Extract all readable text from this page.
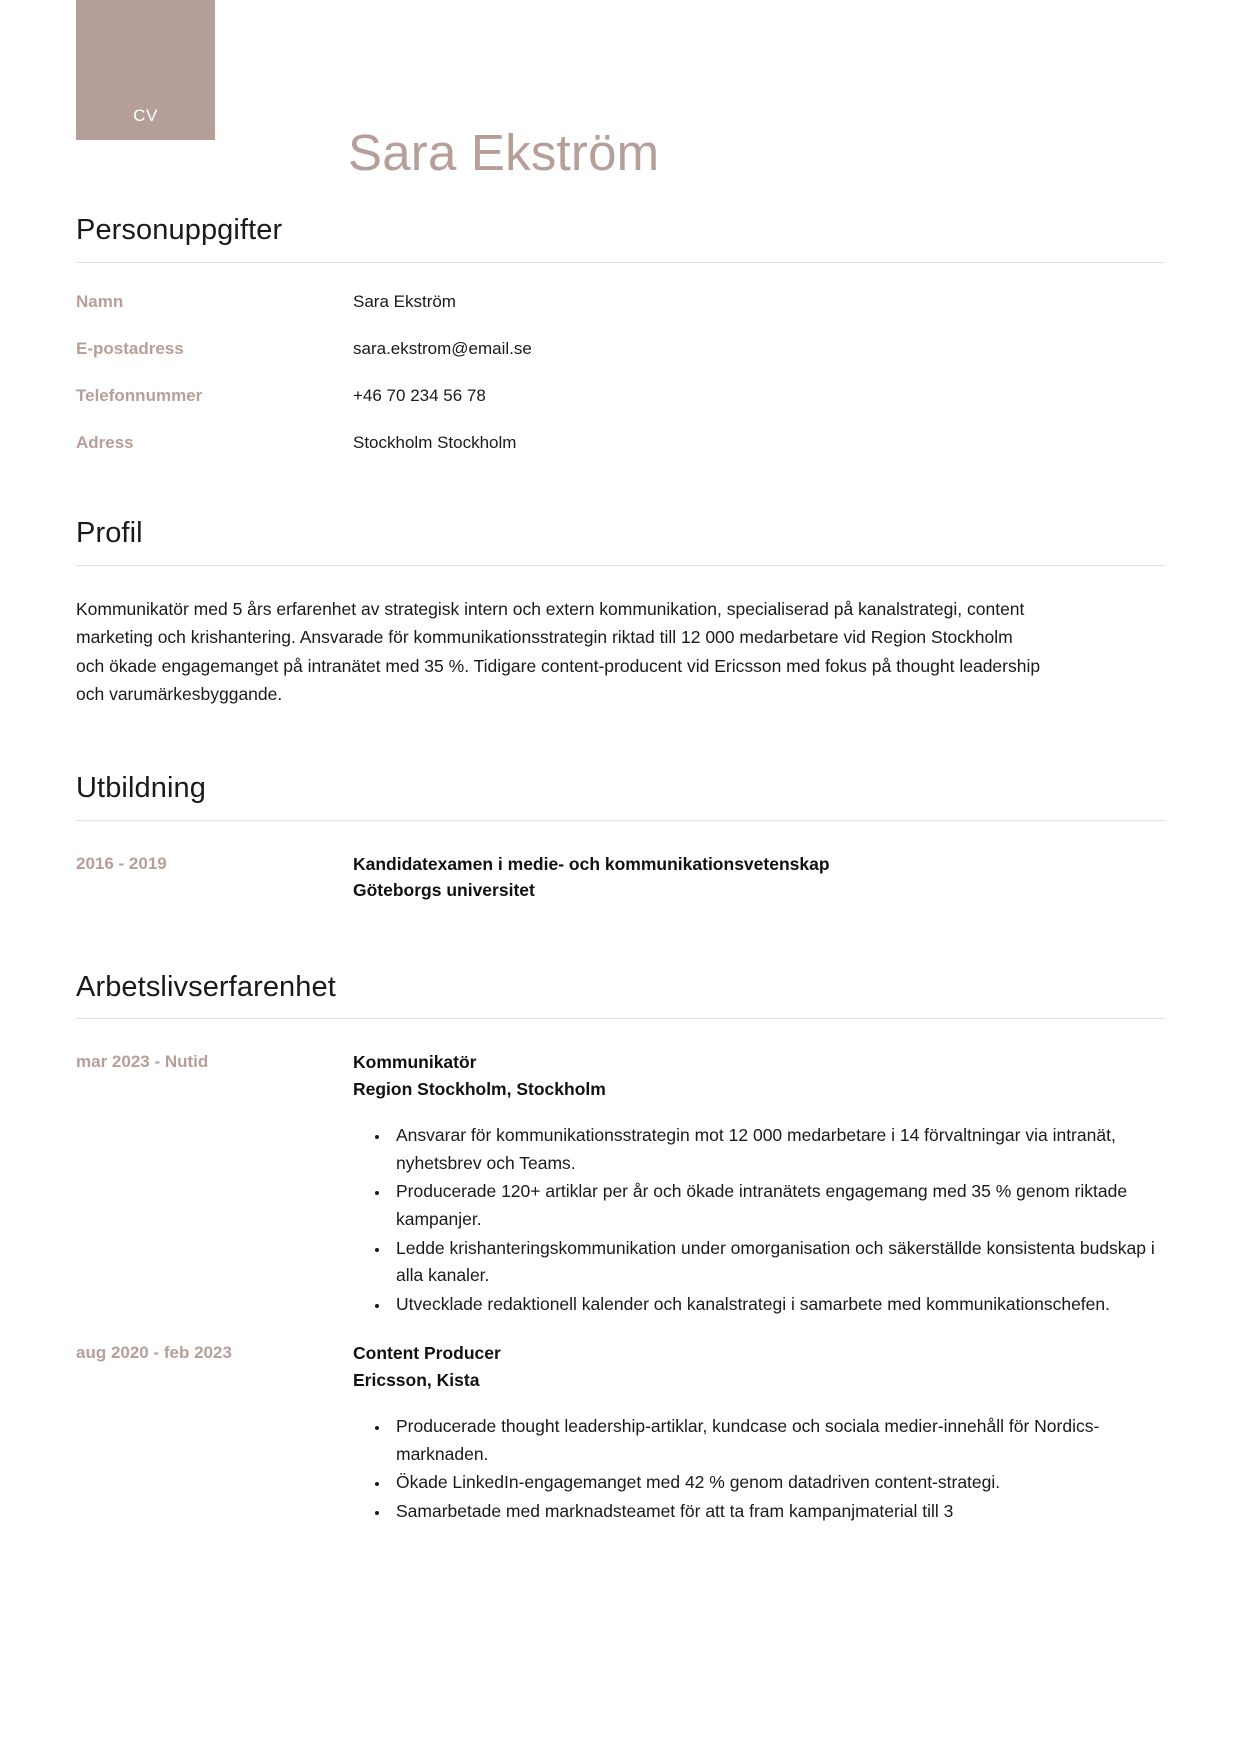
CV
Sara Ekström
Personuppgifter
Namn	Sara Ekström
E-postadress	sara.ekstrom@email.se
Telefonnummer	+46 70 234 56 78
Adress	Stockholm Stockholm
Profil

Kommunikatör med 5 års erfarenhet av strategisk intern och extern kommunikation, specialiserad på kanalstrategi, content marketing och krishantering. Ansvarade för kommunikationsstrategin riktad till 12 000 medarbetare vid Region Stockholm och ökade engagemanget på intranätet med 35 %. Tidigare content-producent vid Ericsson med fokus på thought leadership och varumärkesbyggande.

Utbildning
2016 - 2019	Kandidatexamen i medie- och kommunikationsvetenskap
Göteborgs universitet
Arbetslivserfarenhet
mar 2023 - Nutid	Kommunikatör
Region Stockholm, Stockholm
• Ansvarar för kommunikationsstrategin mot 12 000 medarbetare i 14 förvaltningar via intranät, nyhetsbrev och Teams.
• Producerade 120+ artiklar per år och ökade intranätets engagemang med 35 % genom riktade kampanjer.
• Ledde krishanteringskommunikation under omorganisation och säkerställde konsistenta budskap i alla kanaler.
• Utvecklade redaktionell kalender och kanalstrategi i samarbete med kommunikationschefen.
aug 2020 - feb 2023	Content Producer
Ericsson, Kista
• Producerade thought leadership-artiklar, kundcase och sociala medier-innehåll för Nordics-marknaden.
• Ökade LinkedIn-engagemanget med 42 % genom datadriven content-strategi.
• Samarbetade med marknadsteamet för att ta fram kampanjmaterial till 3
